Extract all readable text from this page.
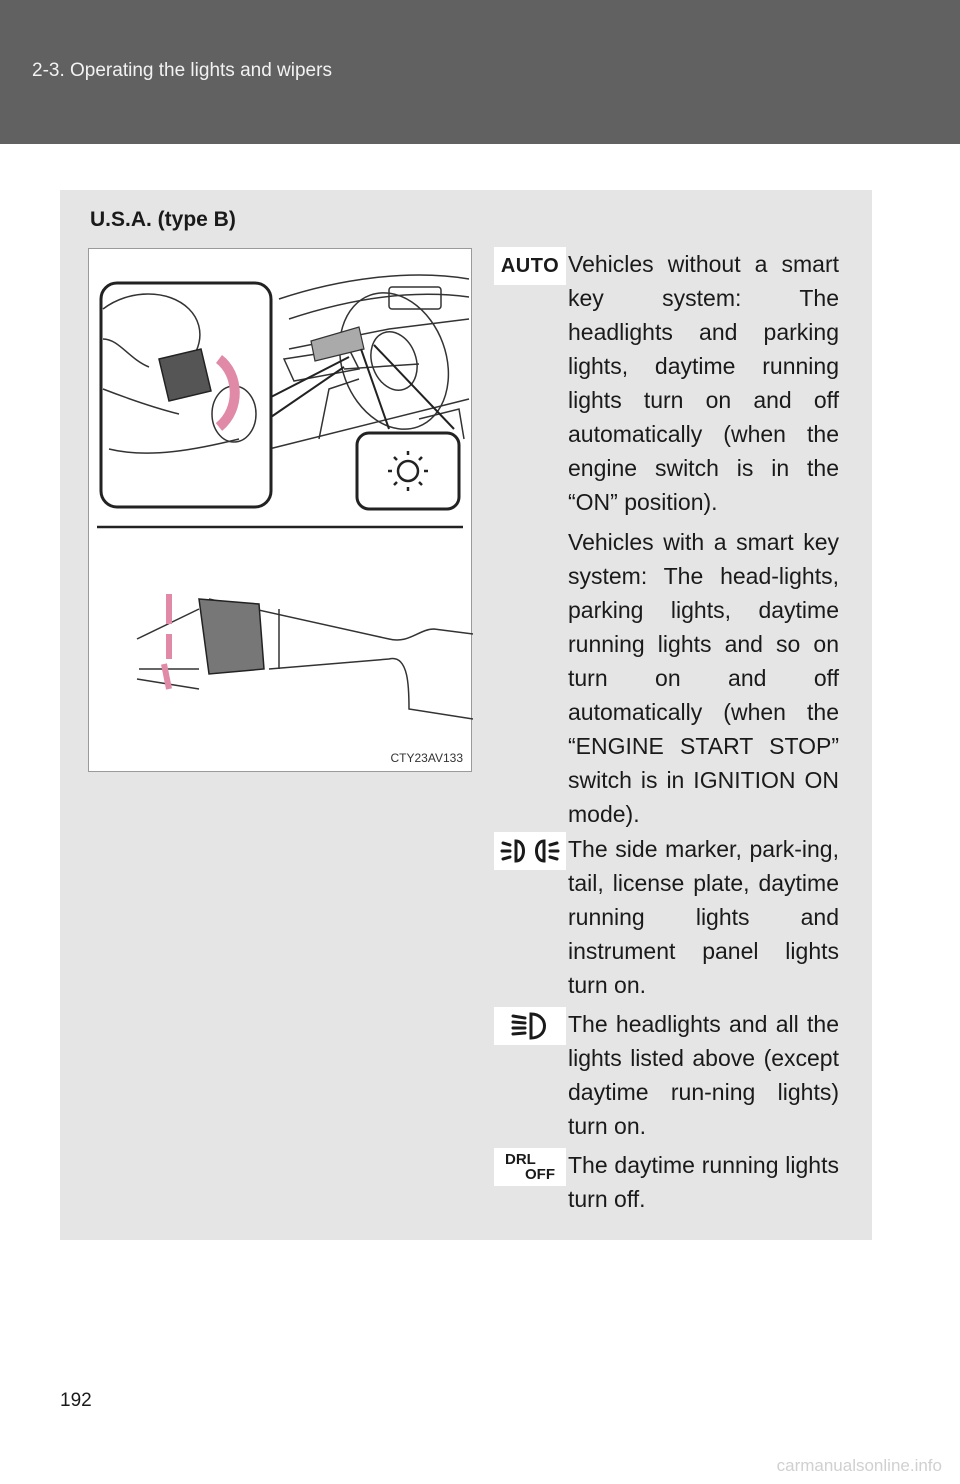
2-3. Operating the lights and wipers
U.S.A. (type B)
CTY23AV133
AUTO Vehicles without a smart key system: The headlights and parking lights, daytime running lights turn on and off automatically (when the engine switch is in the “ON” position).

Vehicles with a smart key system: The head-lights, parking lights, daytime running lights and so on turn on and off automatically (when the “ENGINE START STOP” switch is in IGNITION ON mode).

The side marker, park-ing, tail, license plate, daytime running lights and instrument panel lights turn on.

The headlights and all the lights listed above (except daytime run-ning lights) turn on.

DRL
OFF The daytime running lights turn off.

192
carmanualsonline.info
